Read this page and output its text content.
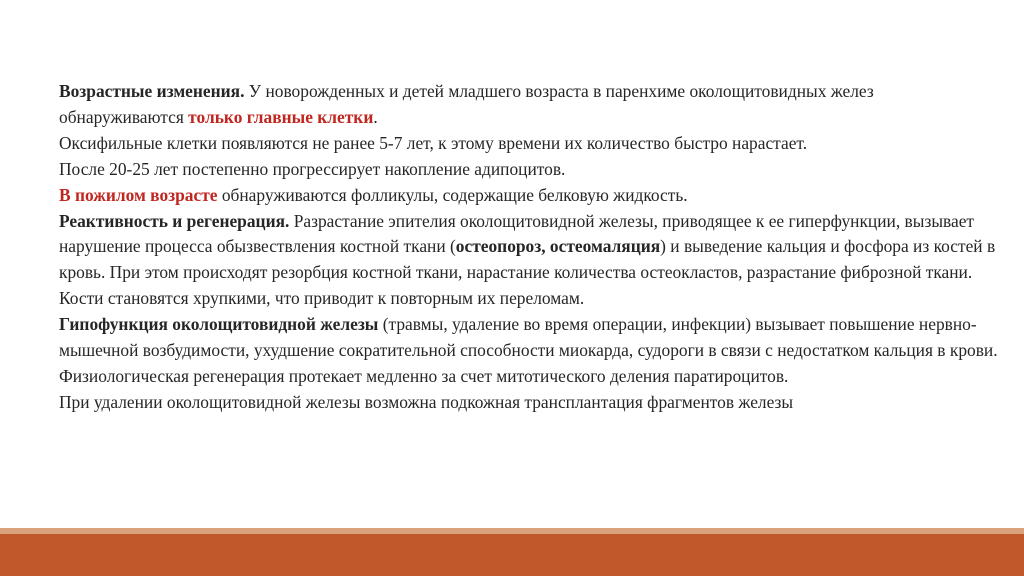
Возрастные изменения. У новорожденных и детей младшего возраста в паренхиме околощитовидных желез обнаруживаются только главные клетки.

Оксифильные клетки появляются не ранее 5-7 лет, к этому времени их количество быстро нарастает.

После 20-25 лет постепенно прогрессирует накопление адипоцитов.

В пожилом возрасте обнаруживаются фолликулы, содержащие белковую жидкость.

Реактивность и регенерация. Разрастание эпителия околощитовидной железы, приводящее к ее гиперфункции, вызывает нарушение процесса обызвествления костной ткани (остеопороз, остеомаляция) и выведение кальция и фосфора из костей в кровь. При этом происходят резорбция костной ткани, нарастание количества остеокластов, разрастание фиброзной ткани. Кости становятся хрупкими, что приводит к повторным их переломам.

Гипофункция околощитовидной железы (травмы, удаление во время операции, инфекции) вызывает повышение нервно-мышечной возбудимости, ухудшение сократительной способности миокарда, судороги в связи с недостатком кальция в крови.

Физиологическая регенерация протекает медленно за счет митотического деления паратироцитов.

При удалении околощитовидной железы возможна подкожная трансплантация фрагментов железы
